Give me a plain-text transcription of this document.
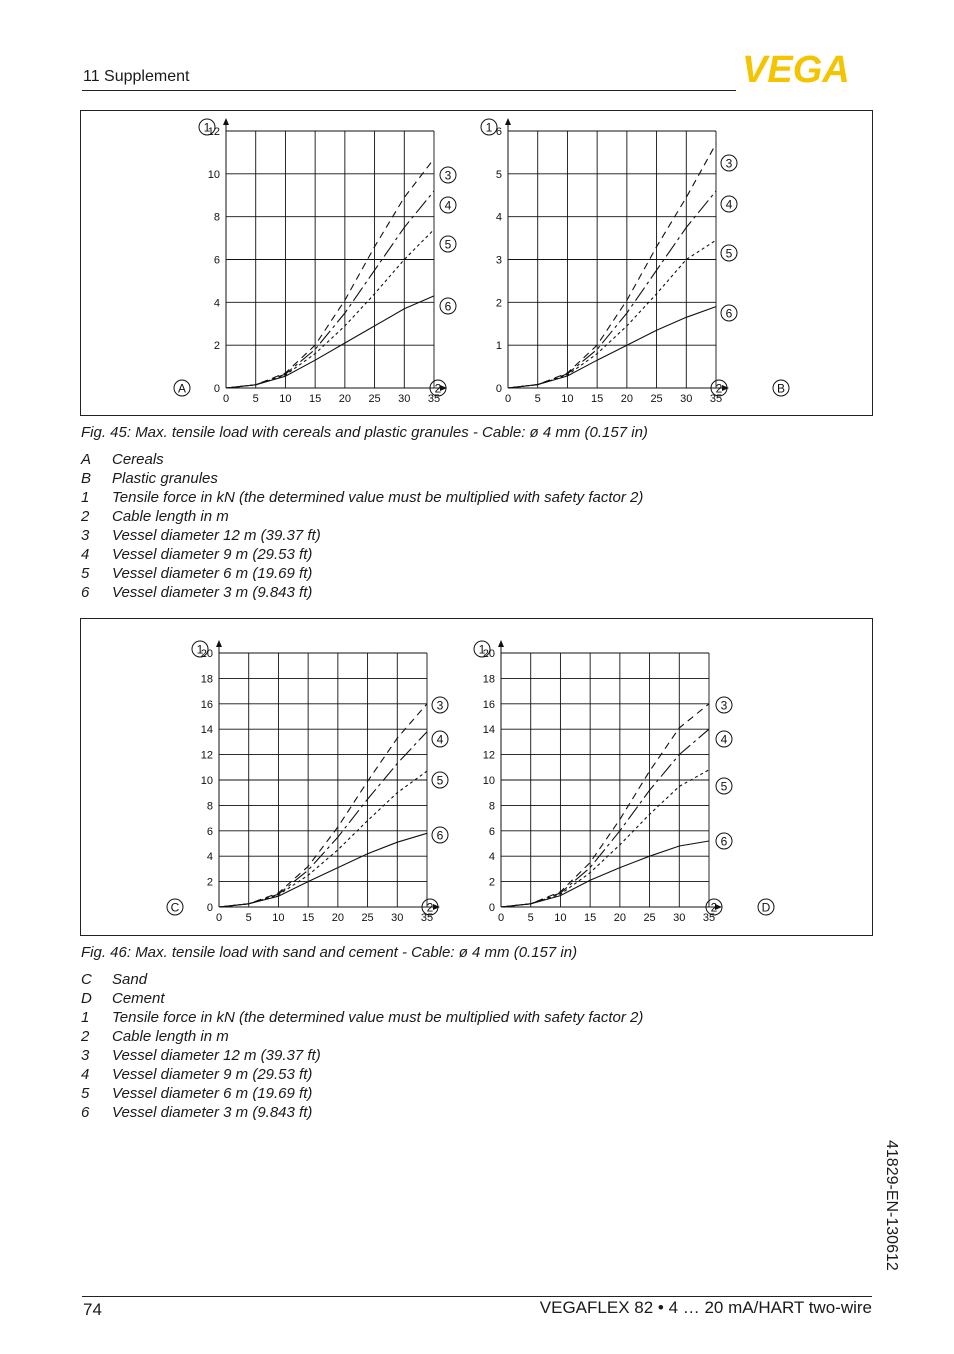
11 Supplement	VEGA
0 5 10 15 20 25 30 35
0
2
4
6
8
10
12
3
4
5
6
1
2
A
0 5 10 15 20 25 30 35
0
1
2
3
4
5
6
3
4
5
6
1
2	B
Fig. 45: Max. tensile load with cereals and plastic granules - Cable: ø 4 mm (0.157 in)
A	Cereals
B	Plastic granules
1	Tensile force in kN (the determined value must be multiplied with safety factor 2)
2	Cable length in m
3	Vessel diameter 12 m (39.37 ft)
4	Vessel diameter 9 m (29.53 ft)
5	Vessel diameter 6 m (19.69 ft)
6	Vessel diameter 3 m (9.843 ft)
0 5 10 15 20 25 30 35
0
2
4
6
8
10
12
14
16
18
20
3
4
5
6
1
2
C
0 5 10 15 20 25 30 35
0
2
4
6
8
10
12
14
16
18
20
3
4
5
6
1
2	D
Fig. 46: Max. tensile load with sand and cement - Cable: ø 4 mm (0.157 in)
C	Sand
D	Cement
1	Tensile force in kN (the determined value must be multiplied with safety factor 2)
2	Cable length in m
3	Vessel diameter 12 m (39.37 ft)
4	Vessel diameter 9 m (29.53 ft)
5	Vessel diameter 6 m (19.69 ft)
6	Vessel diameter 3 m (9.843 ft)
41829-EN-130612
74	VEGAFLEX 82 • 4 … 20 mA/HART two-wire
